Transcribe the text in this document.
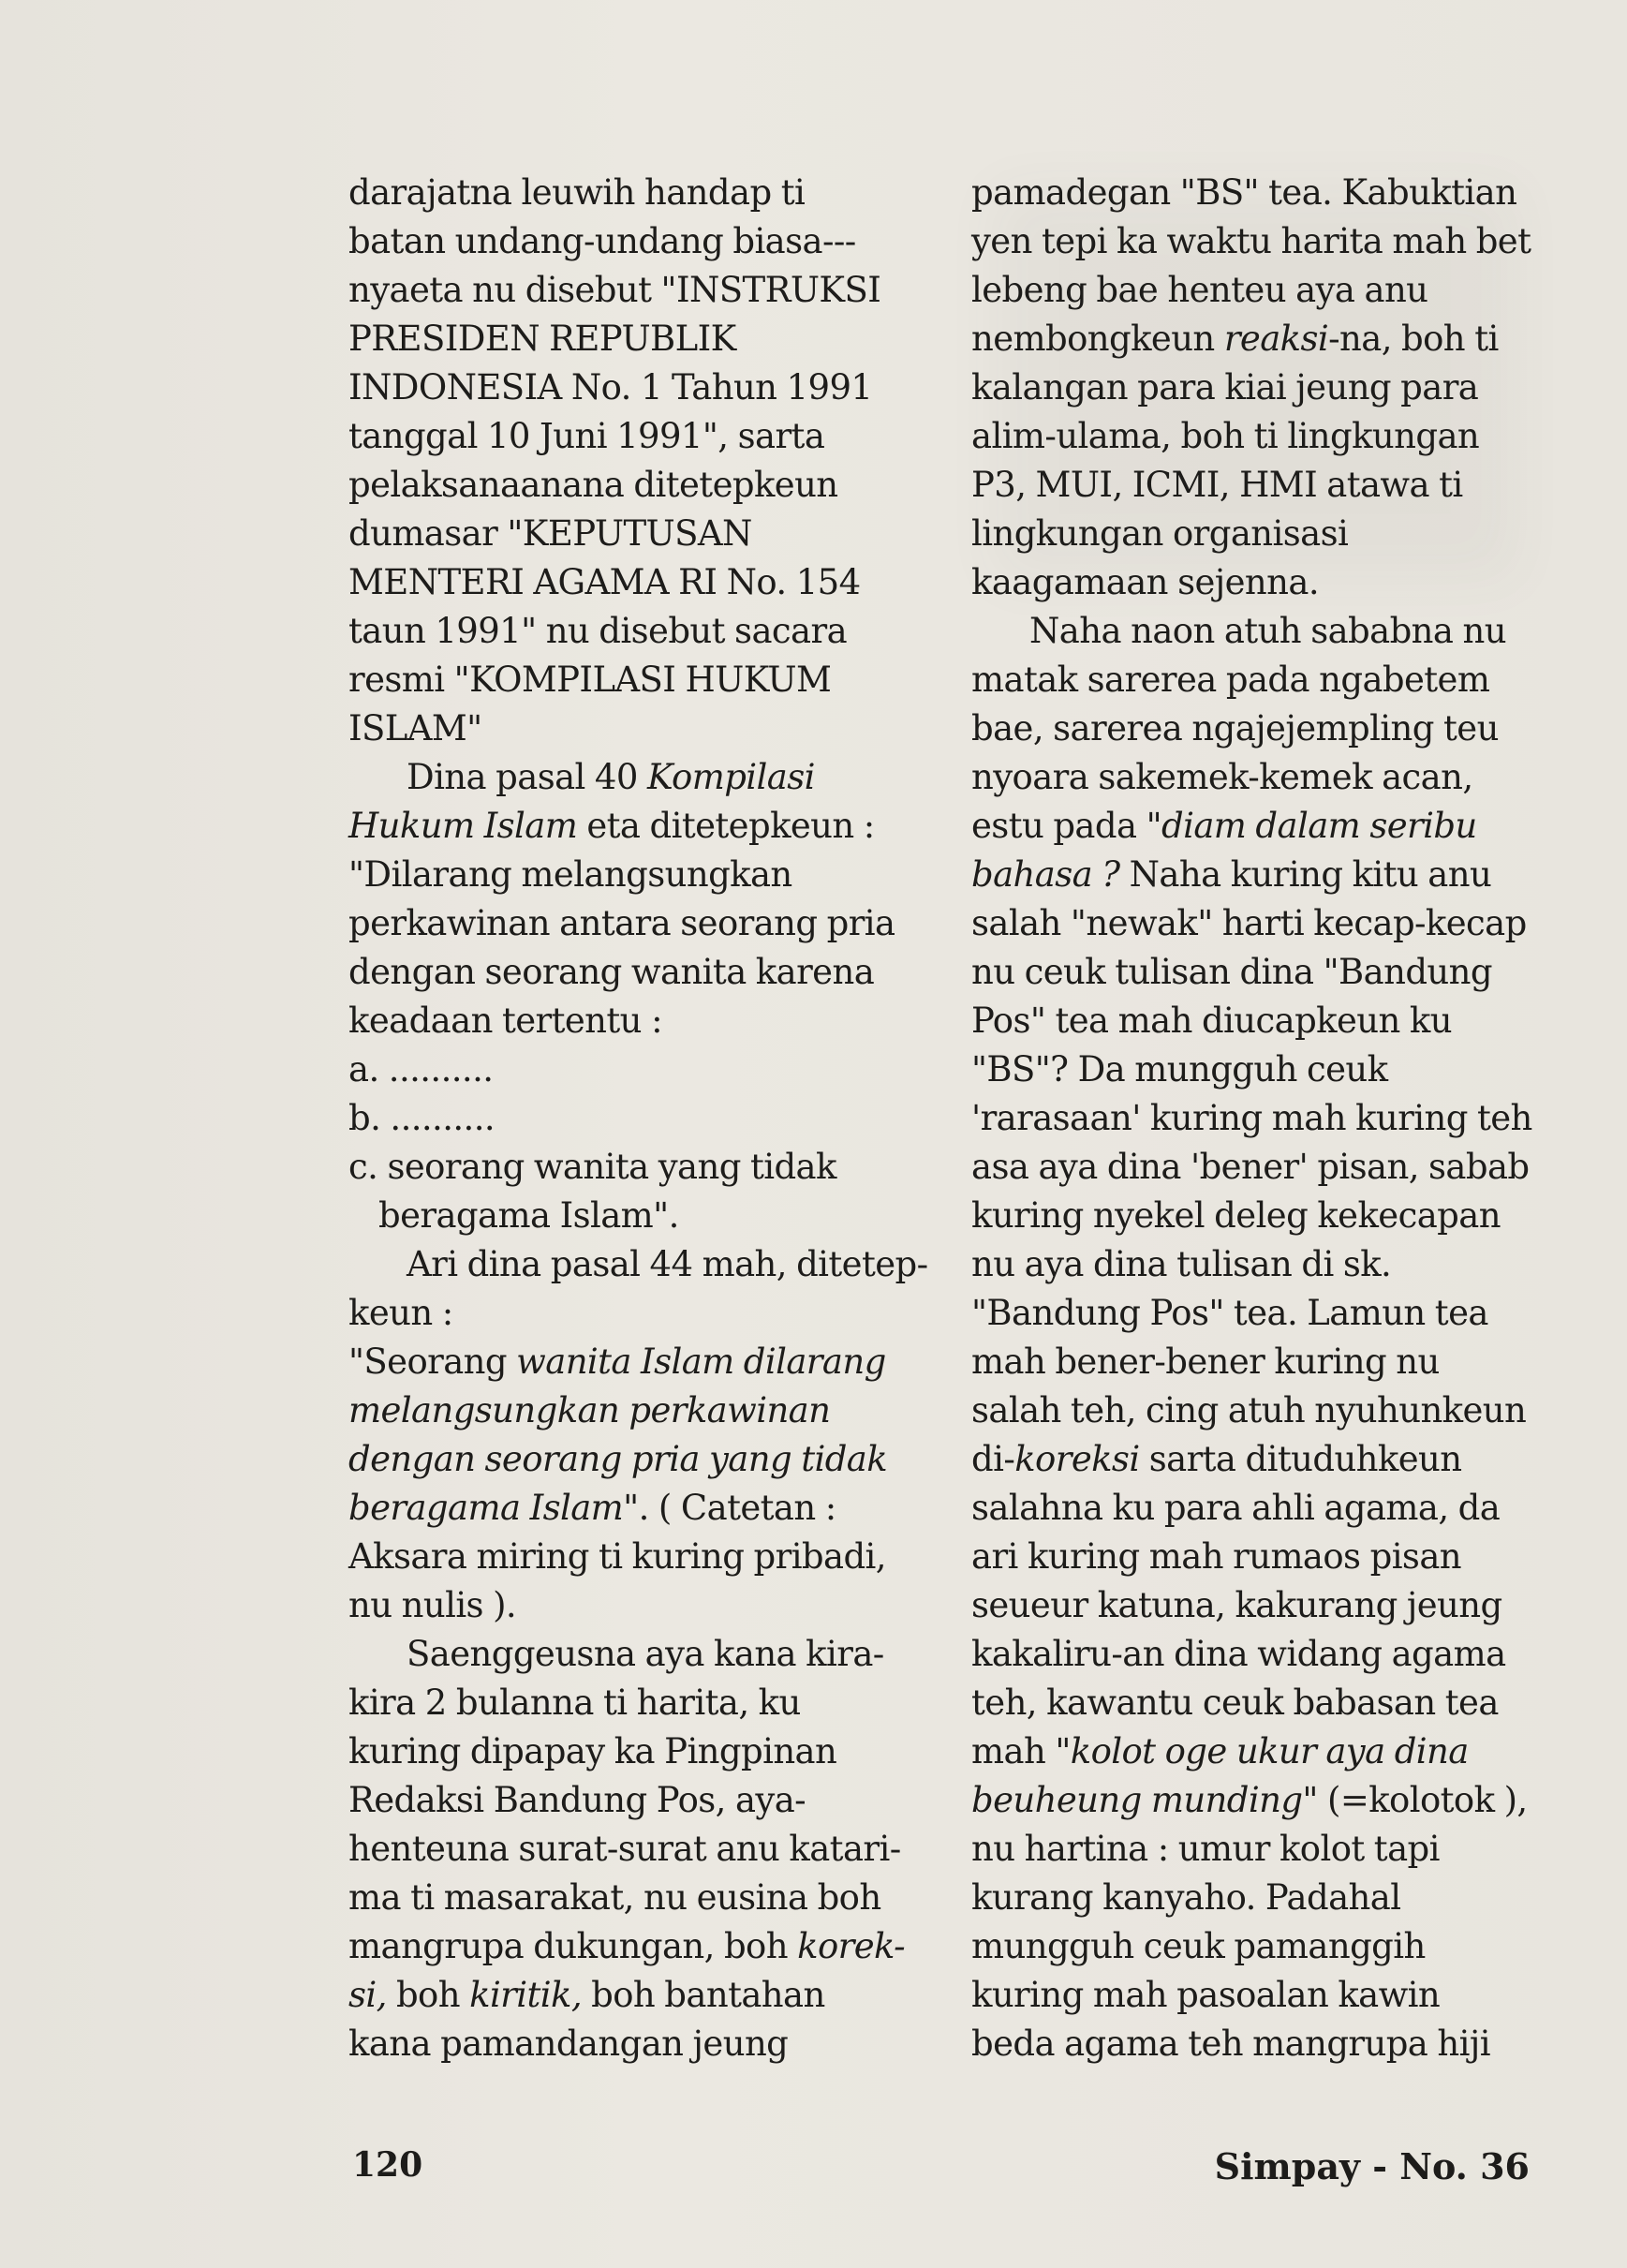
darajatna leuwih handap ti
batan undang-undang biasa---
nyaeta nu disebut "INSTRUKSI
PRESIDEN REPUBLIK
INDONESIA No. 1 Tahun 1991
tanggal 10 Juni 1991", sarta
pelaksanaanana ditetepkeun
dumasar "KEPUTUSAN
MENTERI AGAMA RI No. 154
taun 1991" nu disebut sacara
resmi "KOMPILASI HUKUM
ISLAM"
Dina pasal 40 Kompilasi
Hukum Islam eta ditetepkeun :
"Dilarang melangsungkan
perkawinan antara seorang pria
dengan seorang wanita karena
keadaan tertentu :
a. ..........
b. ..........
c. seorang wanita yang tidak
beragama Islam".
Ari dina pasal 44 mah, ditetep-
keun :
"Seorang wanita Islam dilarang
melangsungkan perkawinan
dengan seorang pria yang tidak
beragama Islam". ( Catetan :
Aksara miring ti kuring pribadi,
nu nulis ).
Saenggeusna aya kana kira-
kira 2 bulanna ti harita, ku
kuring dipapay ka Pingpinan
Redaksi Bandung Pos, aya-
henteuna surat-surat anu katari-
ma ti masarakat, nu eusina boh
mangrupa dukungan, boh korek-
si, boh kiritik, boh bantahan
kana pamandangan jeung
pamadegan "BS" tea. Kabuktian
yen tepi ka waktu harita mah bet
lebeng bae henteu aya anu
nembongkeun reaksi-na, boh ti
kalangan para kiai jeung para
alim-ulama, boh ti lingkungan
P3, MUI, ICMI, HMI atawa ti
lingkungan organisasi
kaagamaan sejenna.
Naha naon atuh sababna nu
matak sarerea pada ngabetem
bae, sarerea ngajejempling teu
nyoara sakemek-kemek acan,
estu pada "diam dalam seribu
bahasa ? Naha kuring kitu anu
salah "newak" harti kecap-kecap
nu ceuk tulisan dina "Bandung
Pos" tea mah diucapkeun ku
"BS"? Da mungguh ceuk
'rarasaan' kuring mah kuring teh
asa aya dina 'bener' pisan, sabab
kuring nyekel deleg kekecapan
nu aya dina tulisan di sk.
"Bandung Pos" tea. Lamun tea
mah bener-bener kuring nu
salah teh, cing atuh nyuhunkeun
di-koreksi sarta dituduhkeun
salahna ku para ahli agama, da
ari kuring mah rumaos pisan
seueur katuna, kakurang jeung
kakaliru-an dina widang agama
teh, kawantu ceuk babasan tea
mah "kolot oge ukur aya dina
beuheung munding" (=kolotok ),
nu hartina : umur kolot tapi
kurang kanyaho. Padahal
mungguh ceuk pamanggih
kuring mah pasoalan kawin
beda agama teh mangrupa hiji
120	Simpay - No. 36
